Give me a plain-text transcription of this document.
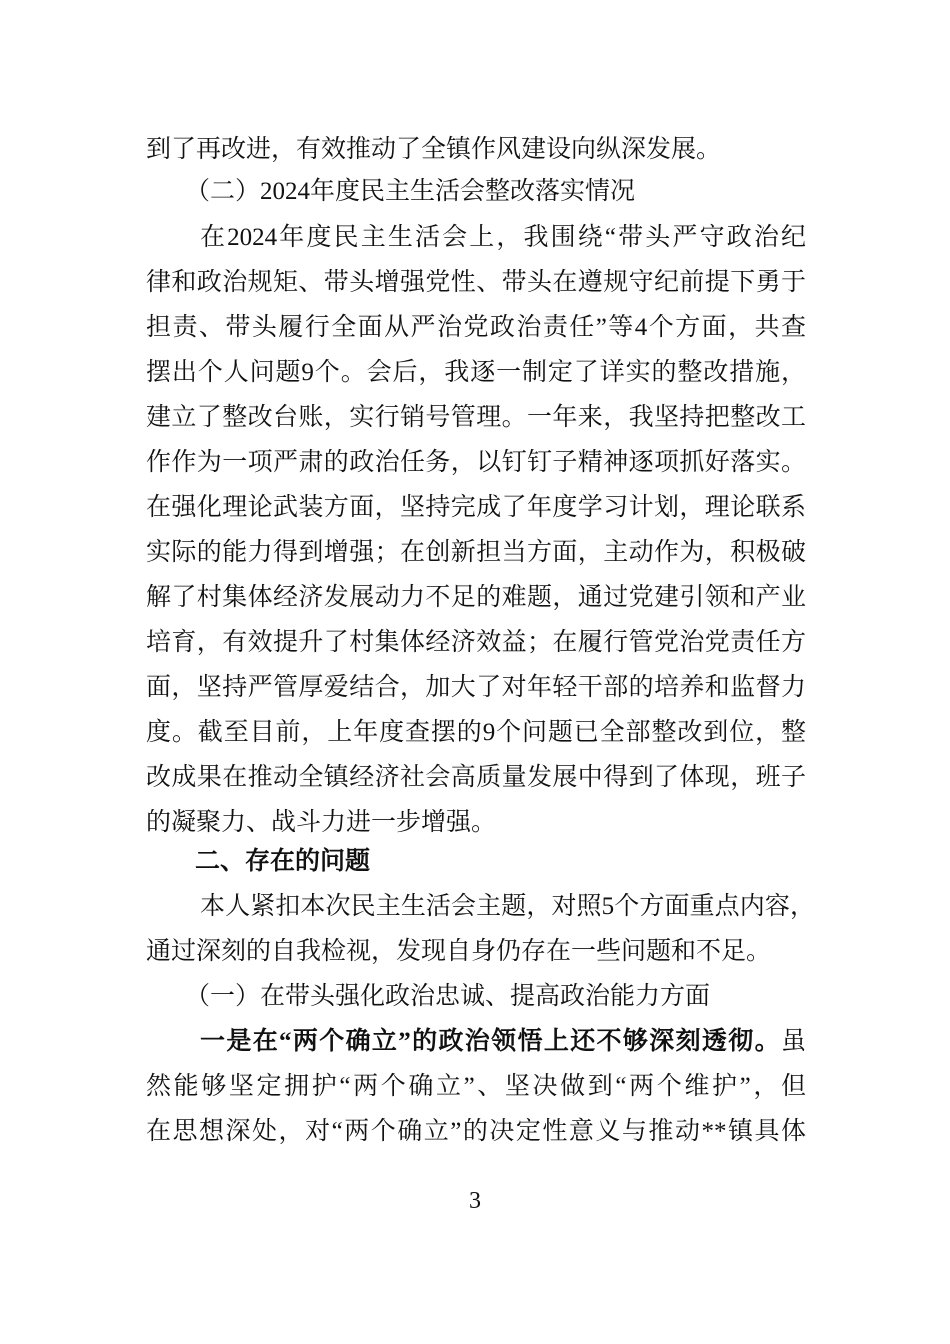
到了再改进，有效推动了全镇作风建设向纵深发展。
（二）2024年度民主生活会整改落实情况
在2024年度民主生活会上，我围绕“带头严守政治纪
律和政治规矩、带头增强党性、带头在遵规守纪前提下勇于
担责、带头履行全面从严治党政治责任”等4个方面，共查
摆出个人问题9个。会后，我逐一制定了详实的整改措施，
建立了整改台账，实行销号管理。一年来，我坚持把整改工
作作为一项严肃的政治任务，以钉钉子精神逐项抓好落实。
在强化理论武装方面，坚持完成了年度学习计划，理论联系
实际的能力得到增强；在创新担当方面，主动作为，积极破
解了村集体经济发展动力不足的难题，通过党建引领和产业
培育，有效提升了村集体经济效益；在履行管党治党责任方
面，坚持严管厚爱结合，加大了对年轻干部的培养和监督力
度。截至目前，上年度查摆的9个问题已全部整改到位，整
改成果在推动全镇经济社会高质量发展中得到了体现，班子
的凝聚力、战斗力进一步增强。
二、存在的问题
本人紧扣本次民主生活会主题，对照5个方面重点内容，
通过深刻的自我检视，发现自身仍存在一些问题和不足。
（一）在带头强化政治忠诚、提高政治能力方面
一是在“两个确立”的政治领悟上还不够深刻透彻。虽
然能够坚定拥护“两个确立”、坚决做到“两个维护”，但
在思想深处，对“两个确立”的决定性意义与推动**镇具体
3
